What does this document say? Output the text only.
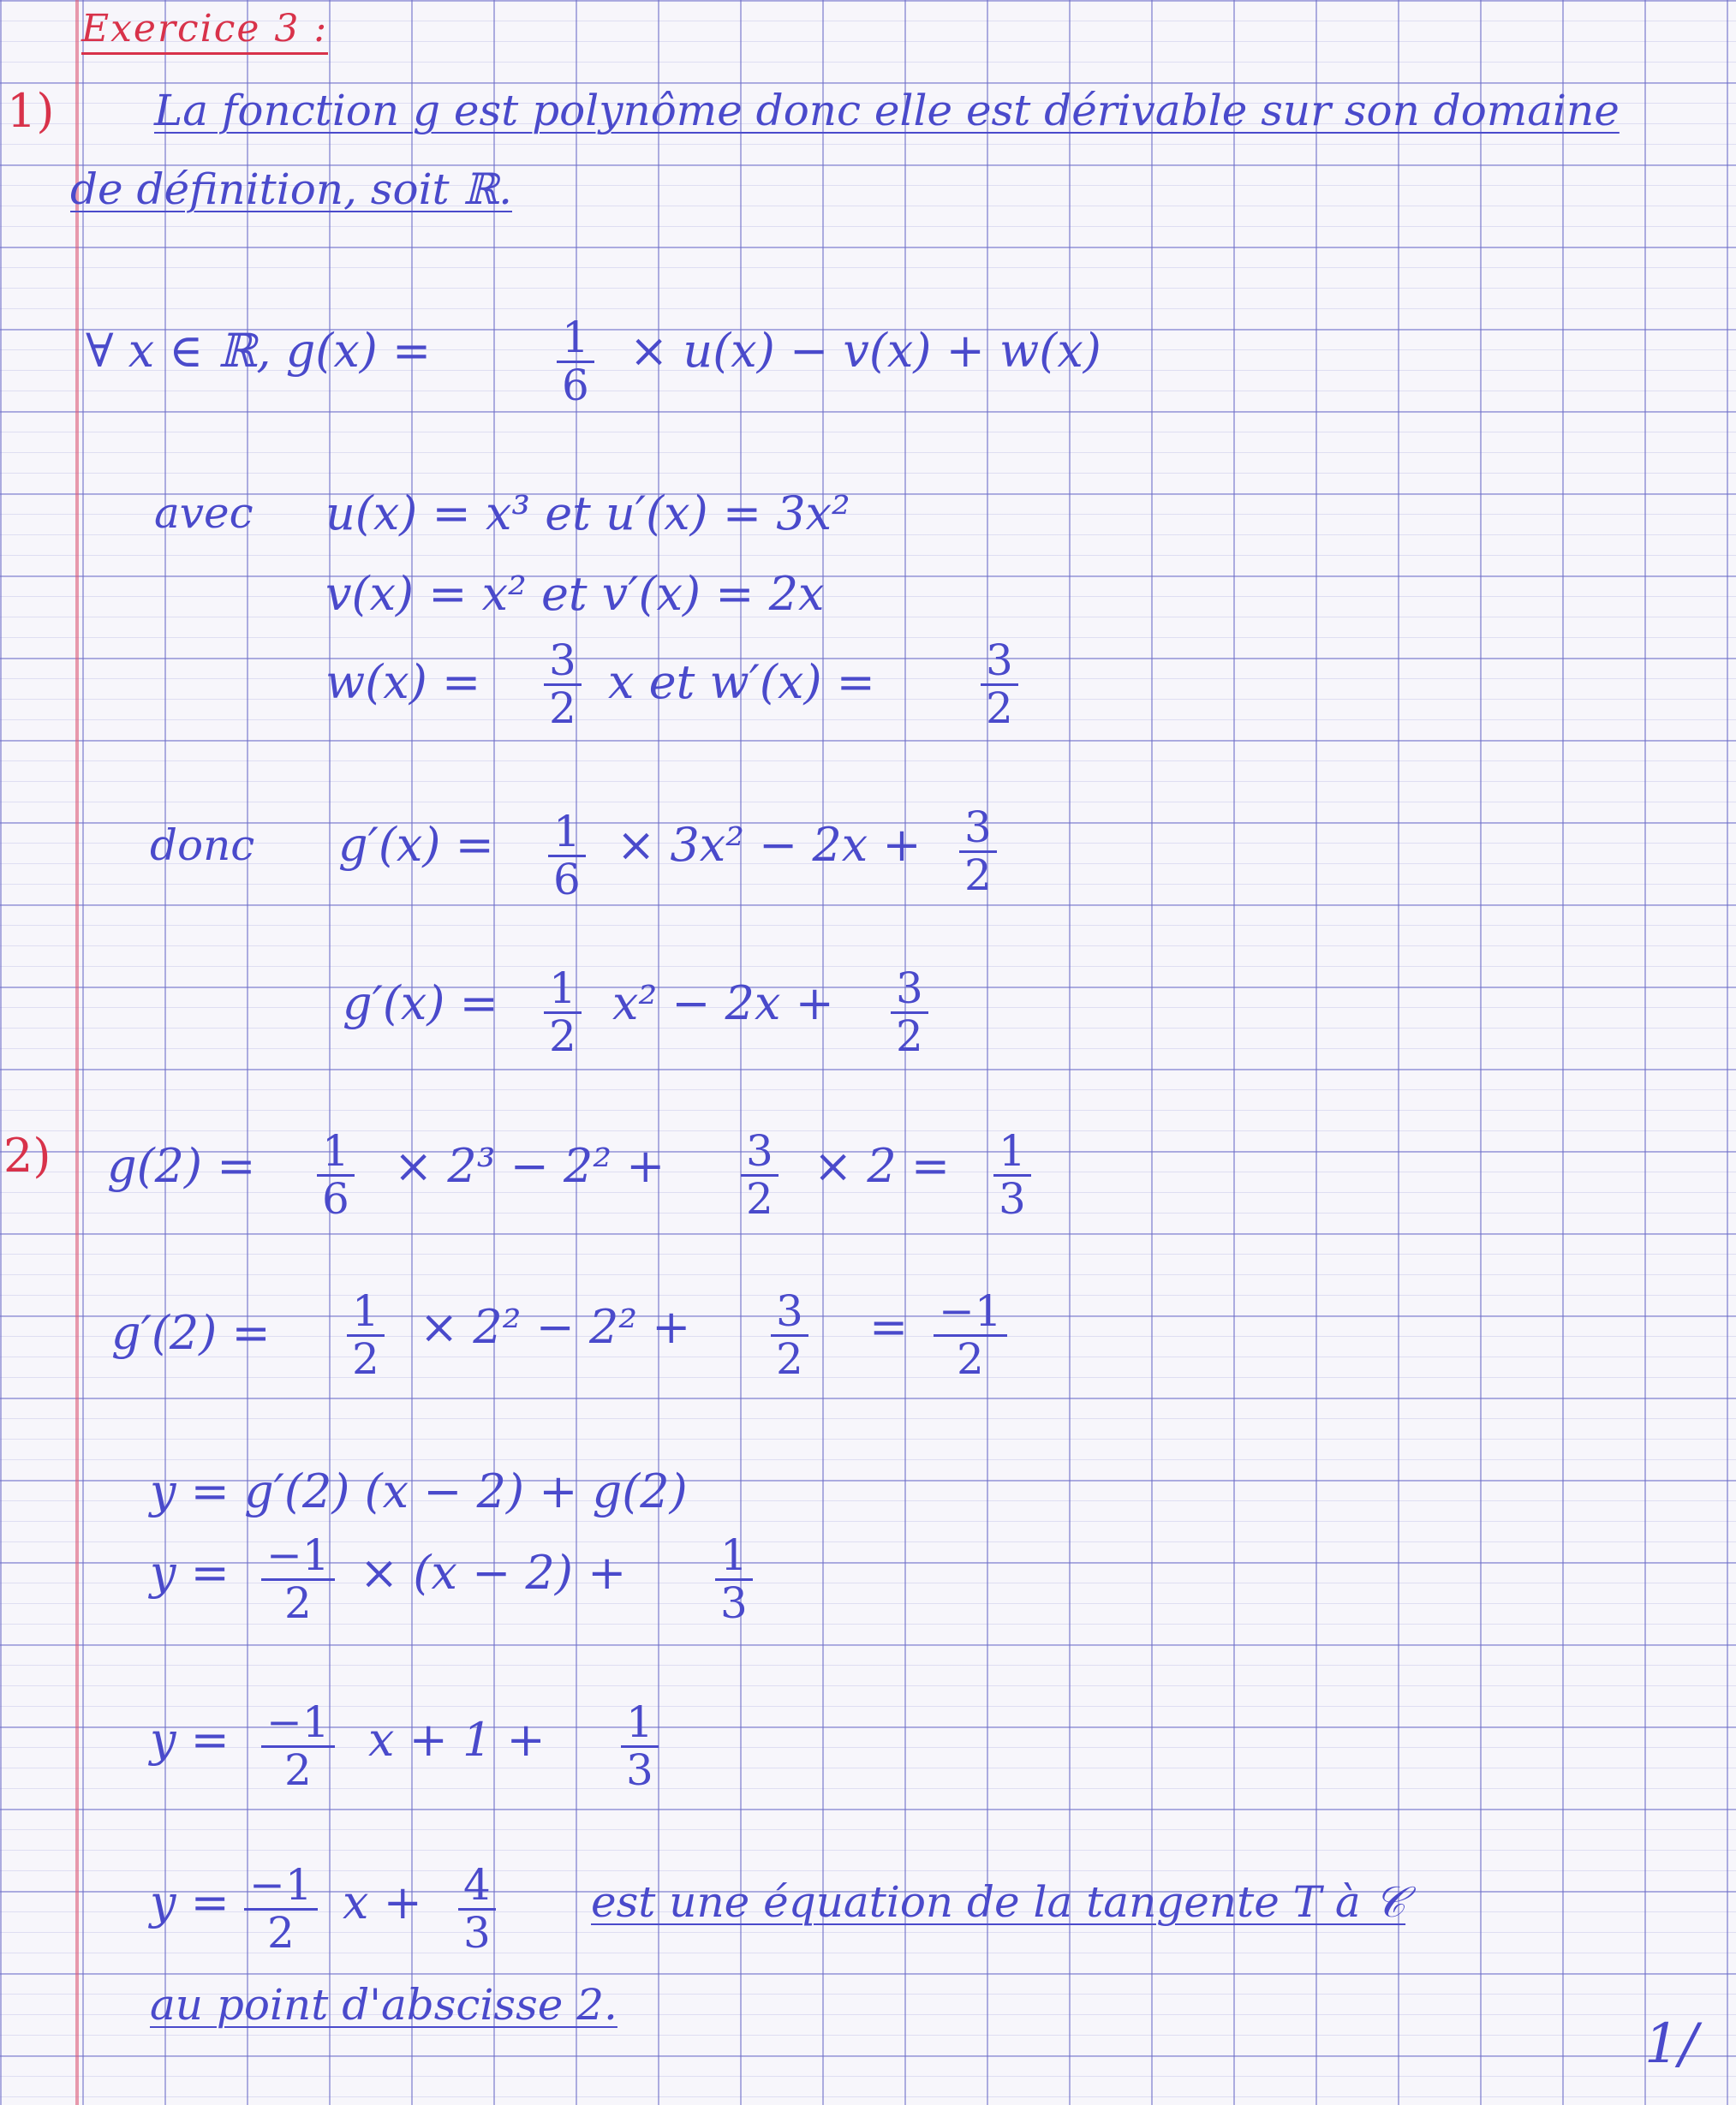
Exercice 3 :
1) La fonction g est polynôme donc elle est dérivable sur son domaine
de définition, soit ℝ.
∀ x ∈ ℝ, g(x) =	$\frac{1}{6} \times u(x) - v(x) + w(x)$
avec u(x) = x³ et u′(x) = 3x²
v(x) = x² et v′(x) = 2x
$w(x) = \frac{3}{2}$ x et $w'(x) = \frac{3}{2}$
donc $g'(x) = \frac{1}{6} \times 3x^2 - 2x + \frac{3}{2}$
$g'(x) = \frac{1}{2} x^2 - 2x + \frac{3}{2}$
2) $g(2) = \frac{1}{6} \times 2^3 - 2^2 + \frac{3}{2} \times 2 = \frac{1}{3}$
$g'(2) = \frac{1}{2} \times 2^2 - 2^2 + \frac{3}{2} = \frac{-1}{2}$
y = g′(2) (x − 2) + g(2)
$y = \frac{-1}{2} \times (x - 2) + \frac{1}{3}$
$y = \frac{-1}{2}$ $x + 1 + \frac{1}{3}$
$y = \frac{-1}{2}$ $x + \frac{4}{3}$ est une équation de la tangente T à 𝒞
au point d'abscisse 2.
1/
